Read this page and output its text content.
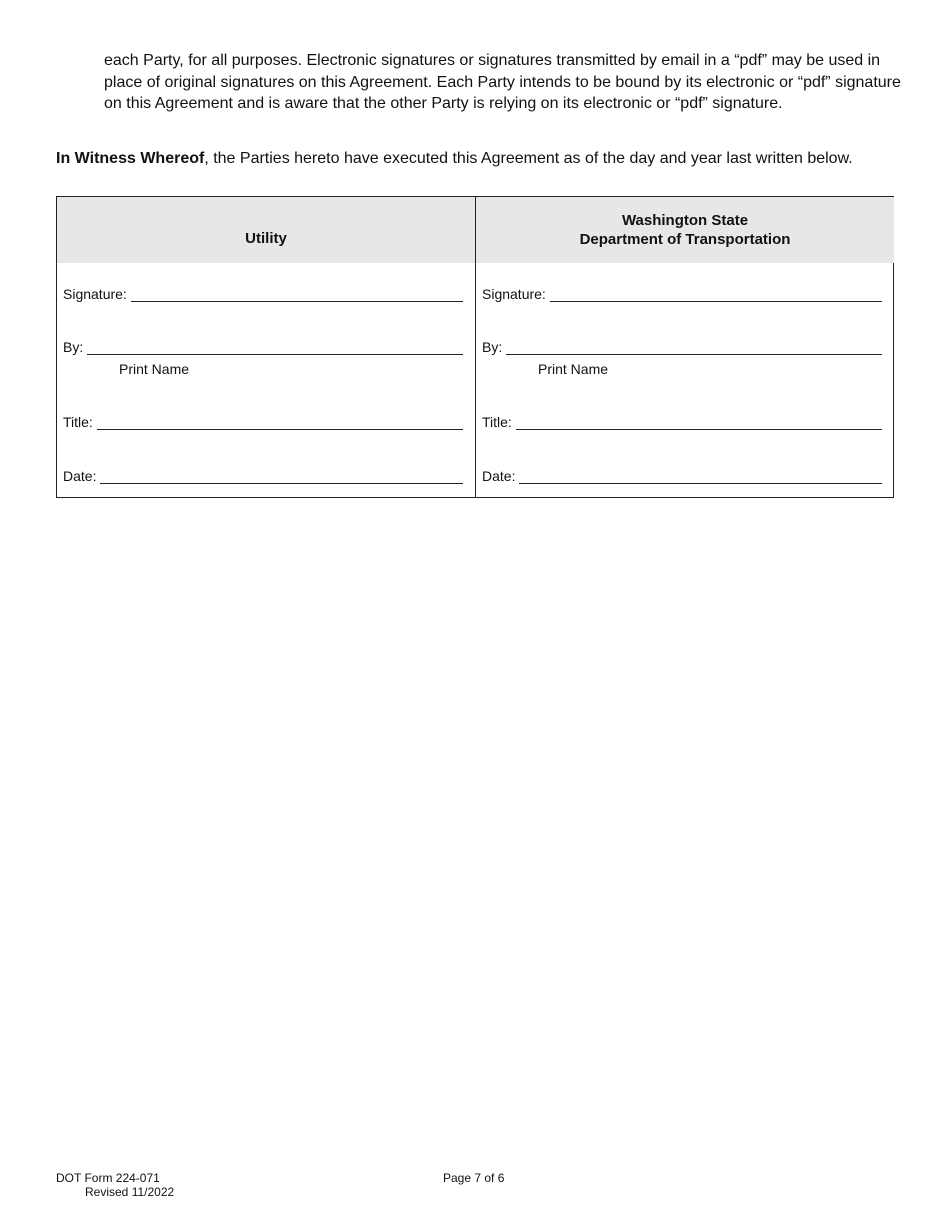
each Party, for all purposes. Electronic signatures or signatures transmitted by email in a “pdf” may be used in place of original signatures on this Agreement. Each Party intends to be bound by its electronic or “pdf” signature on this Agreement and is aware that the other Party is relying on its electronic or “pdf” signature.

In Witness Whereof, the Parties hereto have executed this Agreement as of the day and year last written below.

Utility
Signature:
By:
Print Name
Title:
Date:
Washington State
Department of Transportation
Signature:
By:
Print Name
Title:
Date:
DOT Form 224-071
Revised 11/2022
Page 7 of 6
